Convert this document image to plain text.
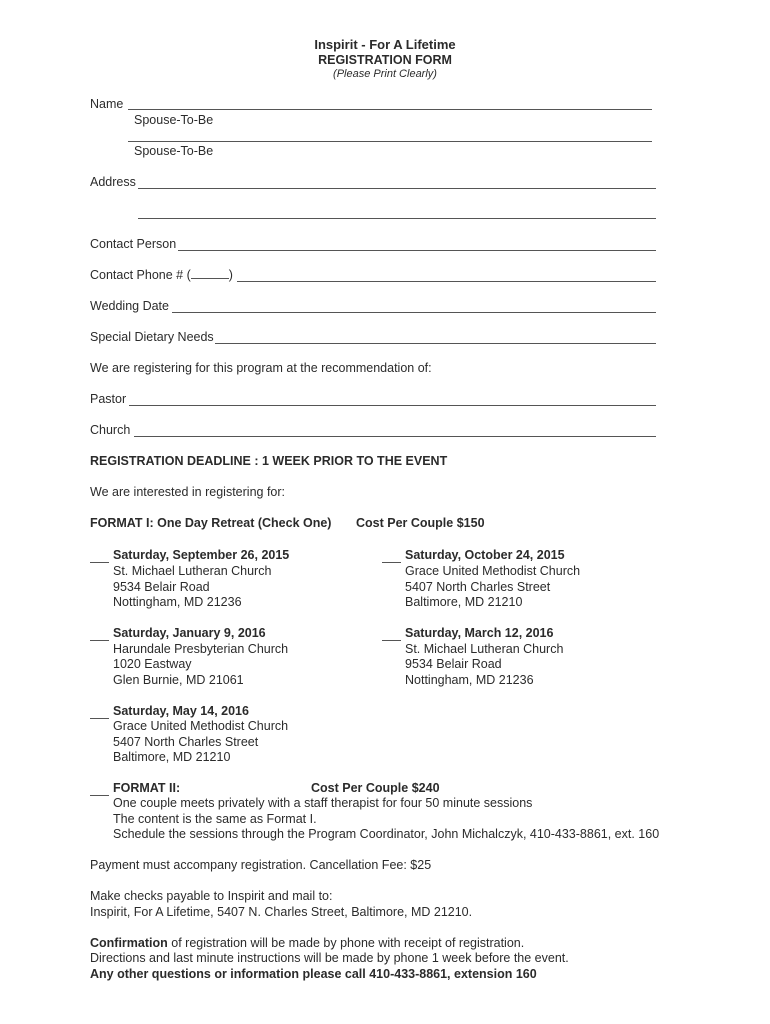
Inspirit - For A Lifetime
REGISTRATION FORM
(Please Print Clearly)
Name
Spouse-To-Be
Spouse-To-Be
Address
Contact Person
Contact Phone # (	)
Wedding Date
Special Dietary Needs
We are registering for this program at the recommendation of:
Pastor
Church
REGISTRATION DEADLINE : 1 WEEK PRIOR TO THE EVENT
We are interested in registering for:
FORMAT I: One Day Retreat (Check One) Cost Per Couple $150
Saturday, September 26, 2015
St. Michael Lutheran Church
9534 Belair Road
Nottingham, MD 21236
Saturday, October 24, 2015
Grace United Methodist Church
5407 North Charles Street
Baltimore, MD 21210
Saturday, January 9, 2016
Harundale Presbyterian Church
1020 Eastway
Glen Burnie, MD 21061
Saturday, March 12, 2016
St. Michael Lutheran Church
9534 Belair Road
Nottingham, MD 21236
Saturday, May 14, 2016
Grace United Methodist Church
5407 North Charles Street
Baltimore, MD 21210
FORMAT II:	Cost Per Couple $240
One couple meets privately with a staff therapist for four 50 minute sessions
The content is the same as Format I.
Schedule the sessions through the Program Coordinator, John Michalczyk, 410-433-8861, ext. 160
Payment must accompany registration. Cancellation Fee: $25
Make checks payable to Inspirit and mail to:
Inspirit, For A Lifetime, 5407 N. Charles Street, Baltimore, MD 21210.
Confirmation of registration will be made by phone with receipt of registration.
Directions and last minute instructions will be made by phone 1 week before the event.
Any other questions or information please call 410-433-8861, extension 160
